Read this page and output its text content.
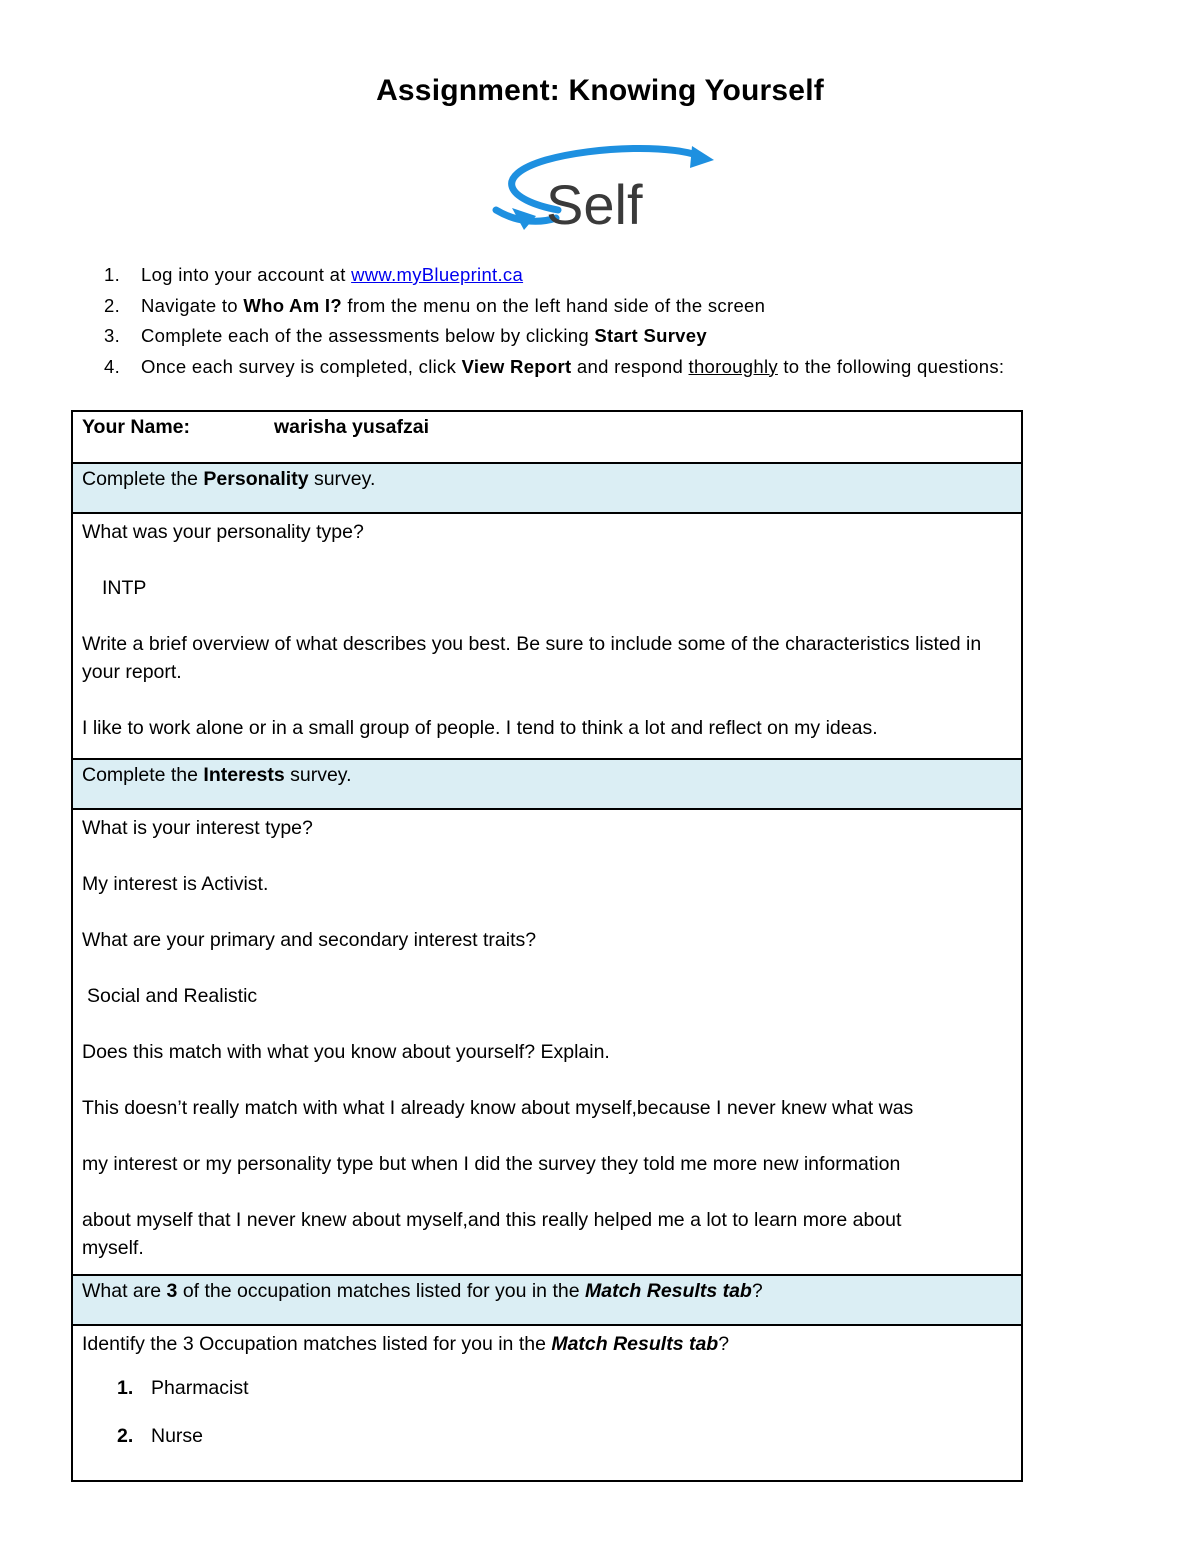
Assignment: Knowing Yourself
Self
1. Log into your account at www.myBlueprint.ca
2. Navigate to Who Am I? from the menu on the left hand side of the screen
3. Complete each of the assessments below by clicking Start Survey
4. Once each survey is completed, click View Report and respond thoroughly to the following questions:
Your Name:	warisha yusafzai
Complete the Personality survey.

What was your personality type?

INTP

Write a brief overview of what describes you best. Be sure to include some of the characteristics listed in your report.

I like to work alone or in a small group of people. I tend to think a lot and reflect on my ideas.

Complete the Interests survey.

What is your interest type?

My interest is Activist.

What are your primary and secondary interest traits?

Social and Realistic

Does this match with what you know about yourself? Explain.

This doesn’t really match with what I already know about myself,because I never knew what was

my interest or my personality type but when I did the survey they told me more new information

about myself that I never knew about myself,and this really helped me a lot to learn more about

myself.

What are 3 of the occupation matches listed for you in the Match Results tab?

Identify the 3 Occupation matches listed for you in the Match Results tab?

1. Pharmacist
2. Nurse
